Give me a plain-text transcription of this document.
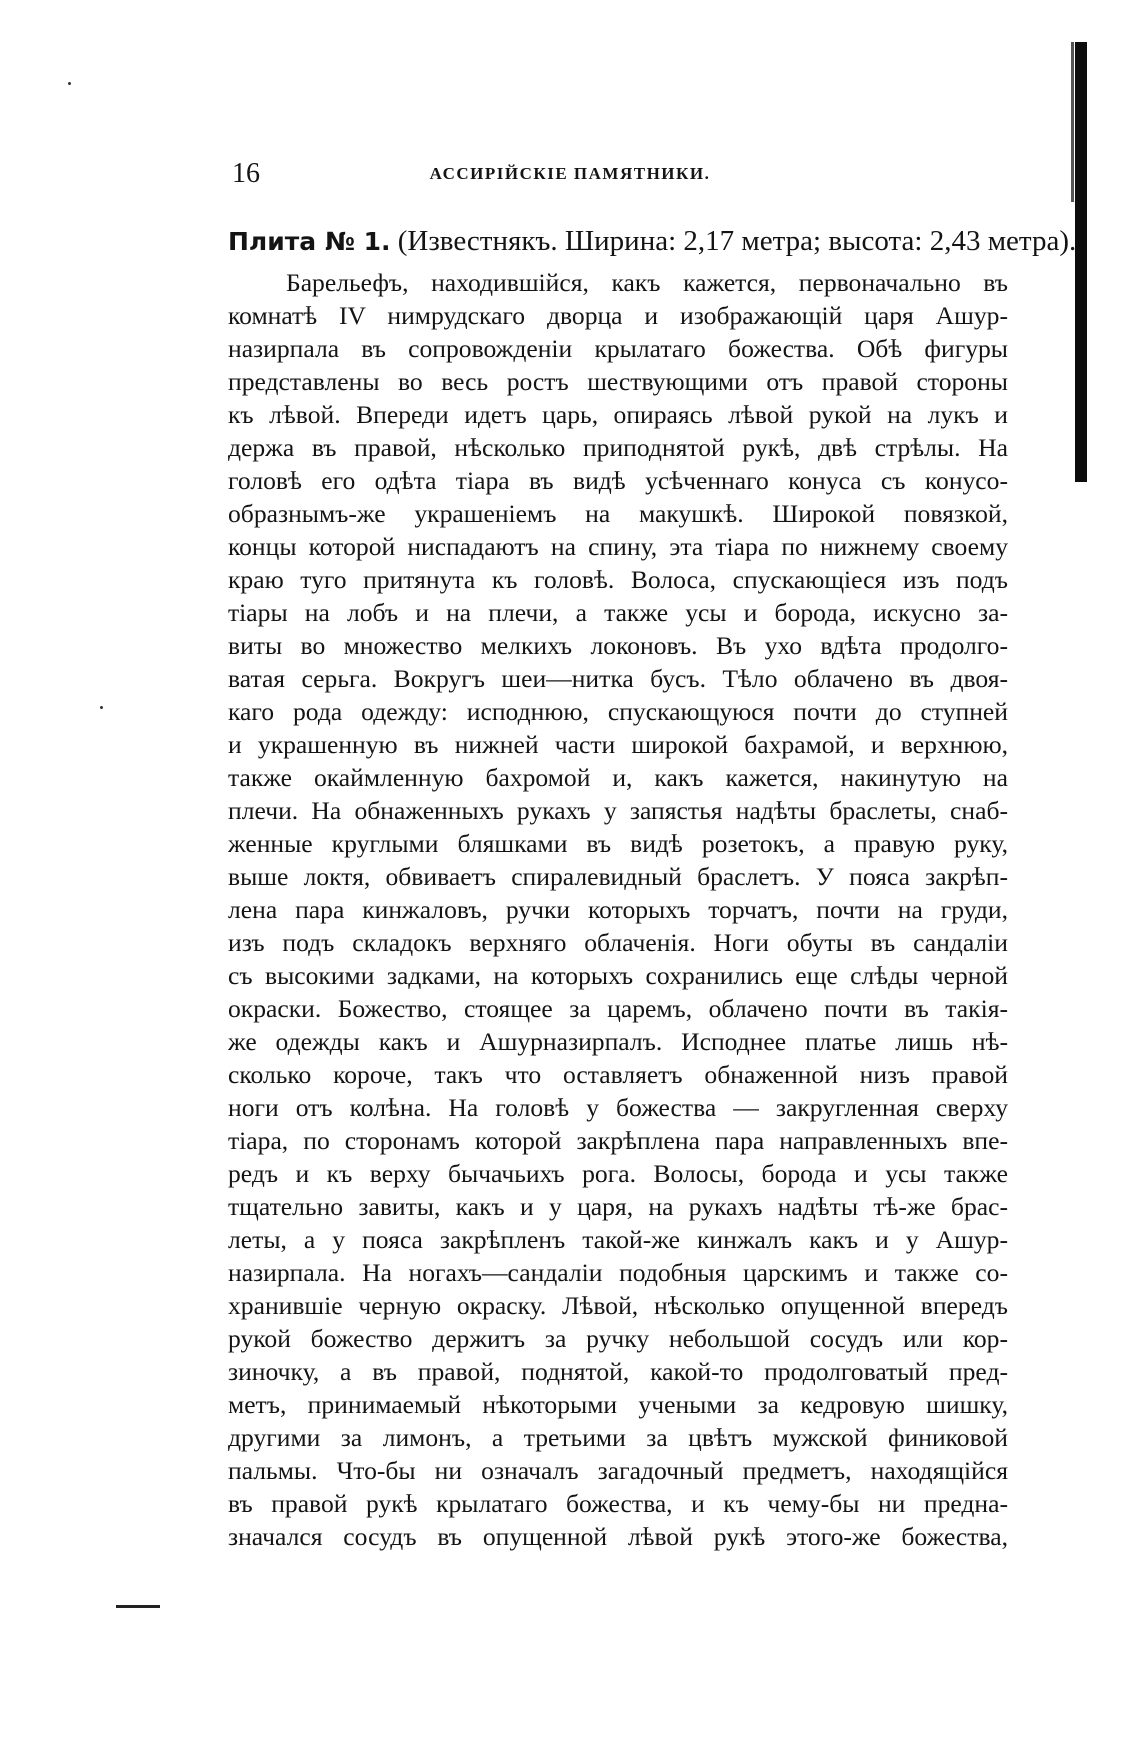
16	АССИРІЙСКІЕ ПАМЯТНИКИ.
Плита № 1. (Известнякъ. Ширина: 2,17 метра; высота: 2,43 метра).
Барельефъ, находившійся, какъ кажется, первоначально въ
комнатѣ IV нимрудскаго дворца и изображающій царя Ашур-
назирпала въ сопровожденіи крылатаго божества. Обѣ фигуры
представлены во весь ростъ шествующими отъ правой стороны
къ лѣвой. Впереди идетъ царь, опираясь лѣвой рукой на лукъ и
держа въ правой, нѣсколько приподнятой рукѣ, двѣ стрѣлы. На
головѣ его одѣта тіара въ видѣ усѣченнаго конуса съ конусо-
образнымъ-же украшеніемъ на макушкѣ. Широкой повязкой,
концы которой ниспадаютъ на спину, эта тіара по нижнему своему
краю туго притянута къ головѣ. Волоса, спускающіеся изъ подъ
тіары на лобъ и на плечи, а также усы и борода, искусно за-
виты во множество мелкихъ локоновъ. Въ ухо вдѣта продолго-
ватая серьга. Вокругъ шеи—нитка бусъ. Тѣло облачено въ двоя-
каго рода одежду: исподнюю, спускающуюся почти до ступней
и украшенную въ нижней части широкой бахрамой, и верхнюю,
также окаймленную бахромой и, какъ кажется, накинутую на
плечи. На обнаженныхъ рукахъ у запястья надѣты браслеты, снаб-
женные круглыми бляшками въ видѣ розетокъ, а правую руку,
выше локтя, обвиваетъ спиралевидный браслетъ. У пояса закрѣп-
лена пара кинжаловъ, ручки которыхъ торчатъ, почти на груди,
изъ подъ складокъ верхняго облаченія. Ноги обуты въ сандаліи
съ высокими задками, на которыхъ сохранились еще слѣды черной
окраски. Божество, стоящее за царемъ, облачено почти въ такія-
же одежды какъ и Ашурназирпалъ. Исподнее платье лишь нѣ-
сколько короче, такъ что оставляетъ обнаженной низъ правой
ноги отъ колѣна. На головѣ у божества — закругленная сверху
тіара, по сторонамъ которой закрѣплена пара направленныхъ впе-
редъ и къ верху бычачьихъ рога. Волосы, борода и усы также
тщательно завиты, какъ и у царя, на рукахъ надѣты тѣ-же брас-
леты, а у пояса закрѣпленъ такой-же кинжалъ какъ и у Ашур-
назирпала. На ногахъ—сандаліи подобныя царскимъ и также со-
хранившіе черную окраску. Лѣвой, нѣсколько опущенной впередъ
рукой божество держитъ за ручку небольшой сосудъ или кор-
зиночку, а въ правой, поднятой, какой-то продолговатый пред-
метъ, принимаемый нѣкоторыми учеными за кедровую шишку,
другими за лимонъ, а третьими за цвѣтъ мужской финиковой
пальмы. Что-бы ни означалъ загадочный предметъ, находящійся
въ правой рукѣ крылатаго божества, и къ чему-бы ни предна-
значался сосудъ въ опущенной лѣвой рукѣ этого-же божества,
